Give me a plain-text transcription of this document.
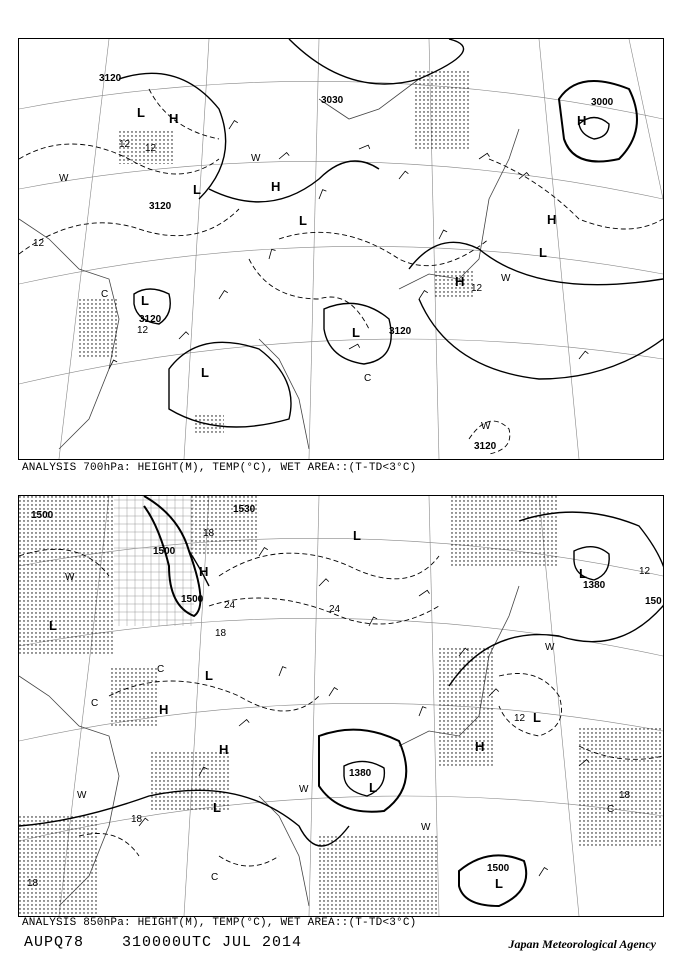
3120
3000
3030
3120
3120
3120
3120
12 12
12
12
12
L H
L	H
L	H
L
L
L
H
H
L
W
W
W
C
C
W
ANALYSIS 700hPa: HEIGHT(M), TEMP(°C), WET AREA::(T-TD<3°C)
1500
1500
1500
1530
1380
1380
1500
150
18
18
24	24
12
12
18
18
18
L
H
L
H
H
L
L
L
L
H
L
L
W
W
W
W
W
C
C
C
C
ANALYSIS 850hPa: HEIGHT(M), TEMP(°C), WET AREA::(T-TD<3°C)
AUPQ78	310000UTC JUL 2014	Japan Meteorological Agency
